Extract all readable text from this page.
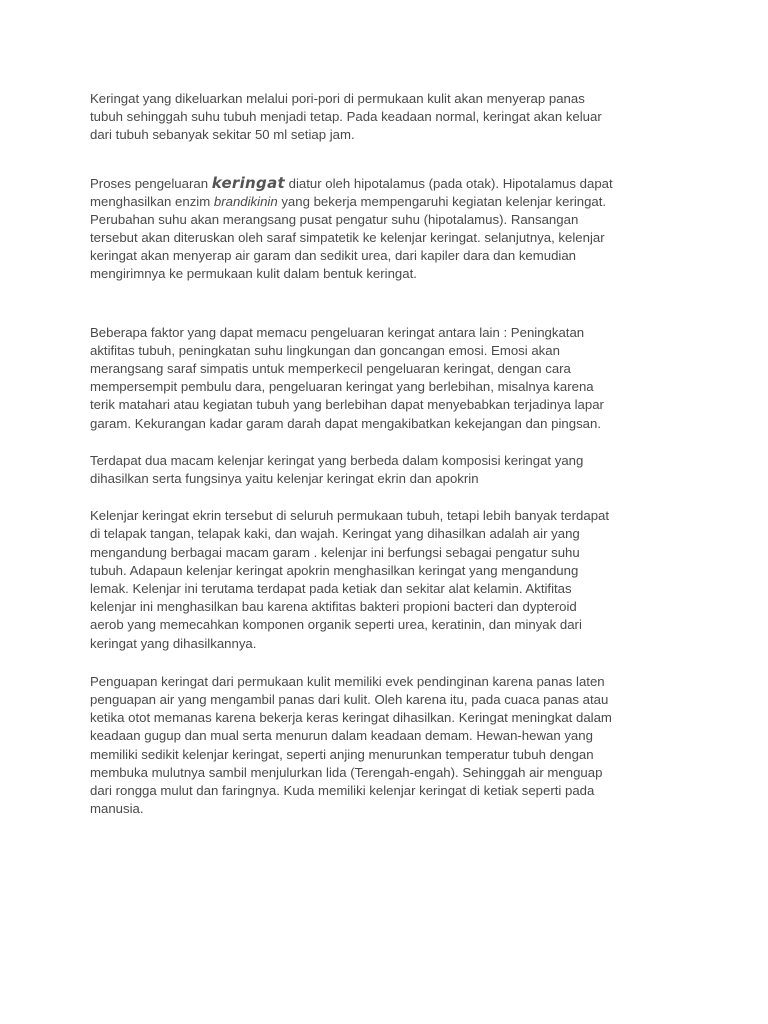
Keringat yang dikeluarkan melalui pori-pori di permukaan kulit akan menyerap panas
tubuh sehinggah suhu tubuh menjadi tetap. Pada keadaan normal, keringat akan keluar
dari tubuh sebanyak sekitar 50 ml setiap jam.

Proses pengeluaran keringat diatur oleh hipotalamus (pada otak). Hipotalamus dapat
menghasilkan enzim brandikinin yang bekerja mempengaruhi kegiatan kelenjar keringat.
Perubahan suhu akan merangsang pusat pengatur suhu (hipotalamus). Ransangan
tersebut akan diteruskan oleh saraf simpatetik ke kelenjar keringat. selanjutnya, kelenjar
keringat akan menyerap air garam dan sedikit urea, dari kapiler dara dan kemudian
mengirimnya ke permukaan kulit dalam bentuk keringat.

Beberapa faktor yang dapat memacu pengeluaran keringat antara lain : Peningkatan
aktifitas tubuh, peningkatan suhu lingkungan dan goncangan emosi. Emosi akan
merangsang saraf simpatis untuk memperkecil pengeluaran keringat, dengan cara
mempersempit pembulu dara, pengeluaran keringat yang berlebihan, misalnya karena
terik matahari atau kegiatan tubuh yang berlebihan dapat menyebabkan terjadinya lapar
garam. Kekurangan kadar garam darah dapat mengakibatkan kekejangan dan pingsan.

Terdapat dua macam kelenjar keringat yang berbeda dalam komposisi keringat yang
dihasilkan serta fungsinya yaitu kelenjar keringat ekrin dan apokrin

Kelenjar keringat ekrin tersebut di seluruh permukaan tubuh, tetapi lebih banyak terdapat
di telapak tangan, telapak kaki, dan wajah. Keringat yang dihasilkan adalah air yang
mengandung berbagai macam garam . kelenjar ini berfungsi sebagai pengatur suhu
tubuh. Adapaun kelenjar keringat apokrin menghasilkan keringat yang mengandung
lemak. Kelenjar ini terutama terdapat pada ketiak dan sekitar alat kelamin. Aktifitas
kelenjar ini menghasilkan bau karena aktifitas bakteri propioni bacteri dan dypteroid
aerob yang memecahkan komponen organik seperti urea, keratinin, dan minyak dari
keringat yang dihasilkannya.

Penguapan keringat dari permukaan kulit memiliki evek pendinginan karena panas laten
penguapan air yang mengambil panas dari kulit. Oleh karena itu, pada cuaca panas atau
ketika otot memanas karena bekerja keras keringat dihasilkan. Keringat meningkat dalam
keadaan gugup dan mual serta menurun dalam keadaan demam. Hewan-hewan yang
memiliki sedikit kelenjar keringat, seperti anjing menurunkan temperatur tubuh dengan
membuka mulutnya sambil menjulurkan lida (Terengah-engah). Sehinggah air menguap
dari rongga mulut dan faringnya. Kuda memiliki kelenjar keringat di ketiak seperti pada
manusia.
